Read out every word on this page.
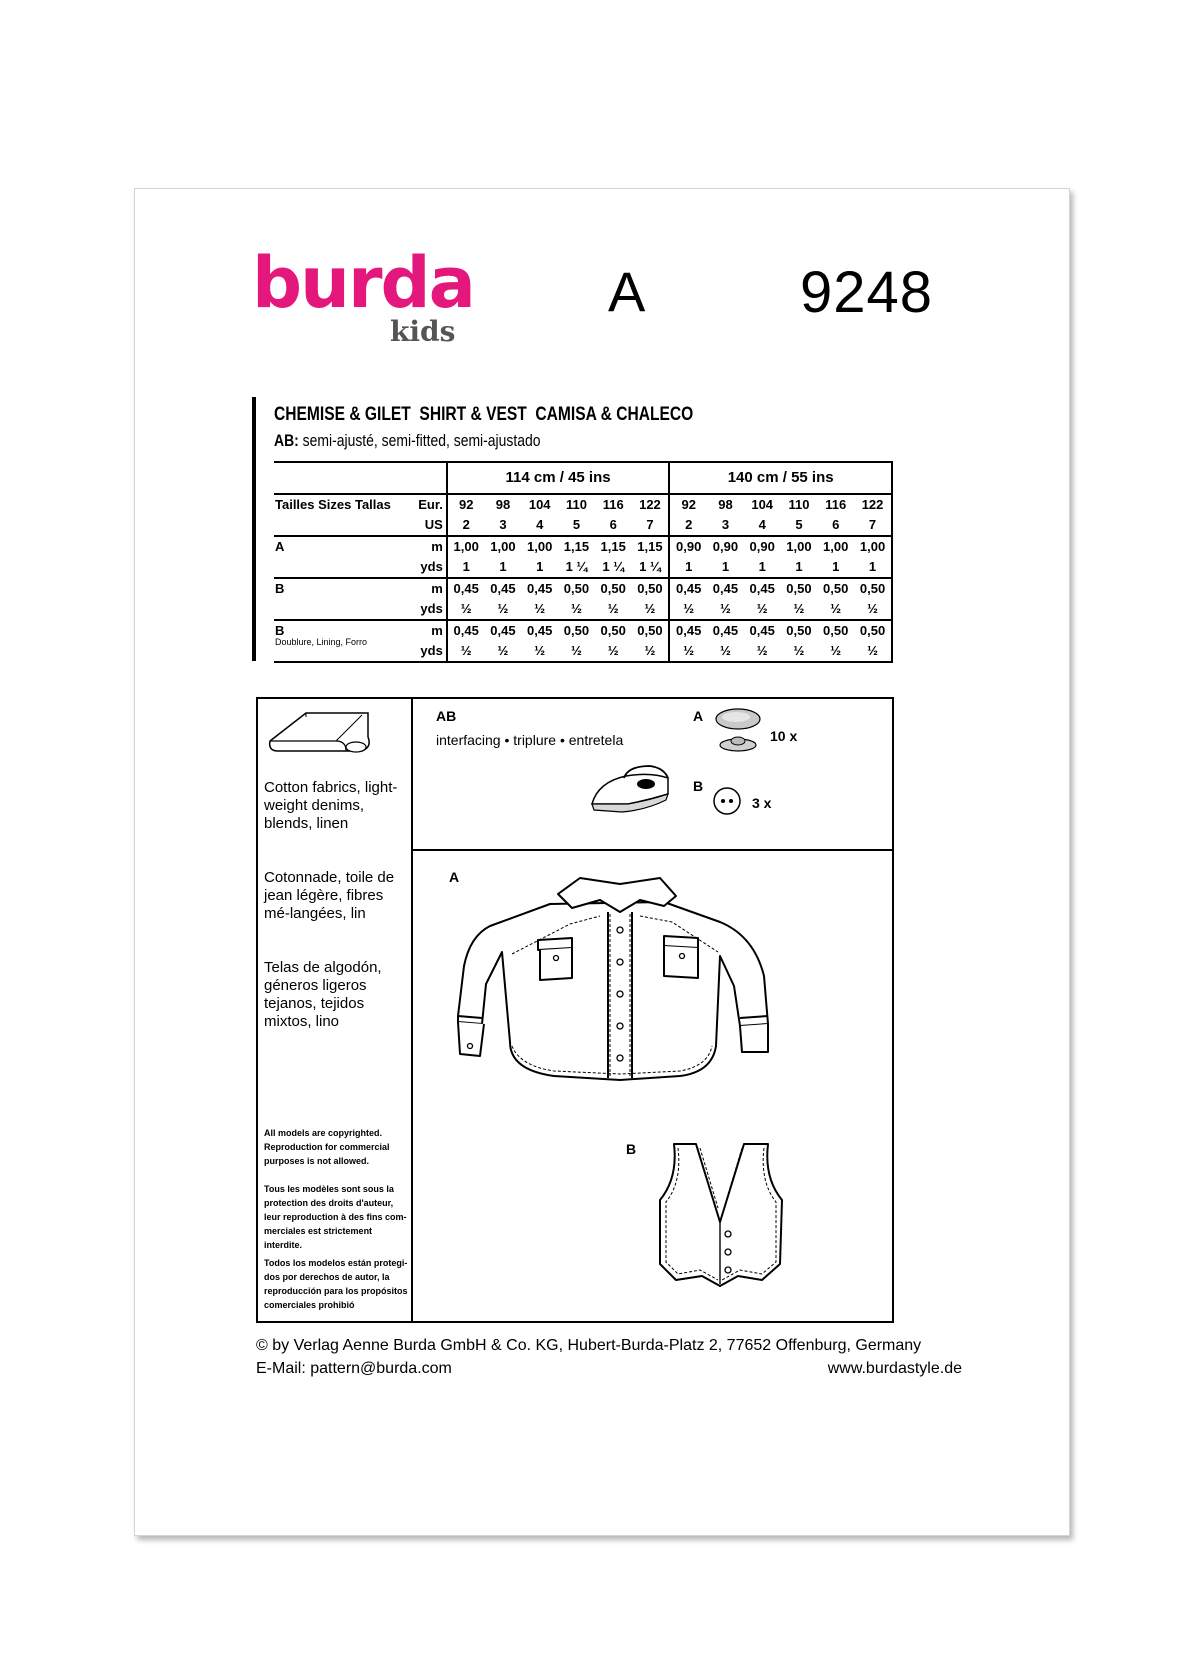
burda
kids
A	9248
CHEMISE & GILET  SHIRT & VEST  CAMISA & CHALECO
AB: semi-ajusté, semi-fitted, semi-ajustado
		114 cm / 45 ins						140 cm / 55 ins					
Tailles Sizes Tallas	Eur.	92	98	104	110	116	122	92	98	104	110	116	122
	US	2	3	4	5	6	7	2	3	4	5	6	7
A	m	1,00	1,00	1,00	1,15	1,15	1,15	0,90	0,90	0,90	1,00	1,00	1,00
	yds	1	1	1	1 ¼	1 ¼	1 ¼	1	1	1	1	1	1
B	m	0,45	0,45	0,45	0,50	0,50	0,50	0,45	0,45	0,45	0,50	0,50	0,50
	yds	½	½	½	½	½	½	½	½	½	½	½	½
B
Doublure, Lining, Forro	m	0,45	0,45	0,45	0,50	0,50	0,50	0,45	0,45	0,45	0,50	0,50	0,50
	yds	½	½	½	½	½	½	½	½	½	½	½	½
Cotton fabrics, light-weight denims, blends, linen
Cotonnade, toile de jean légère, fibres mé-langées, lin
Telas de algodón, géneros ligeros tejanos, tejidos mixtos, lino
All models are copyrighted. Reproduction for commercial purposes is not allowed.
Tous les modèles sont sous la protection des droits d'auteur, leur reproduction à des fins com-merciales est strictement interdite.
Todos los modelos están protegi-dos por derechos de autor, la reproducción para los propósitos comerciales prohibió
AB
interfacing • triplure • entretela
A
10 x
B
3 x
A
B
© by Verlag Aenne Burda GmbH & Co. KG, Hubert-Burda-Platz 2, 77652 Offenburg, Germany
E-Mail: pattern@burda.com	www.burdastyle.de
